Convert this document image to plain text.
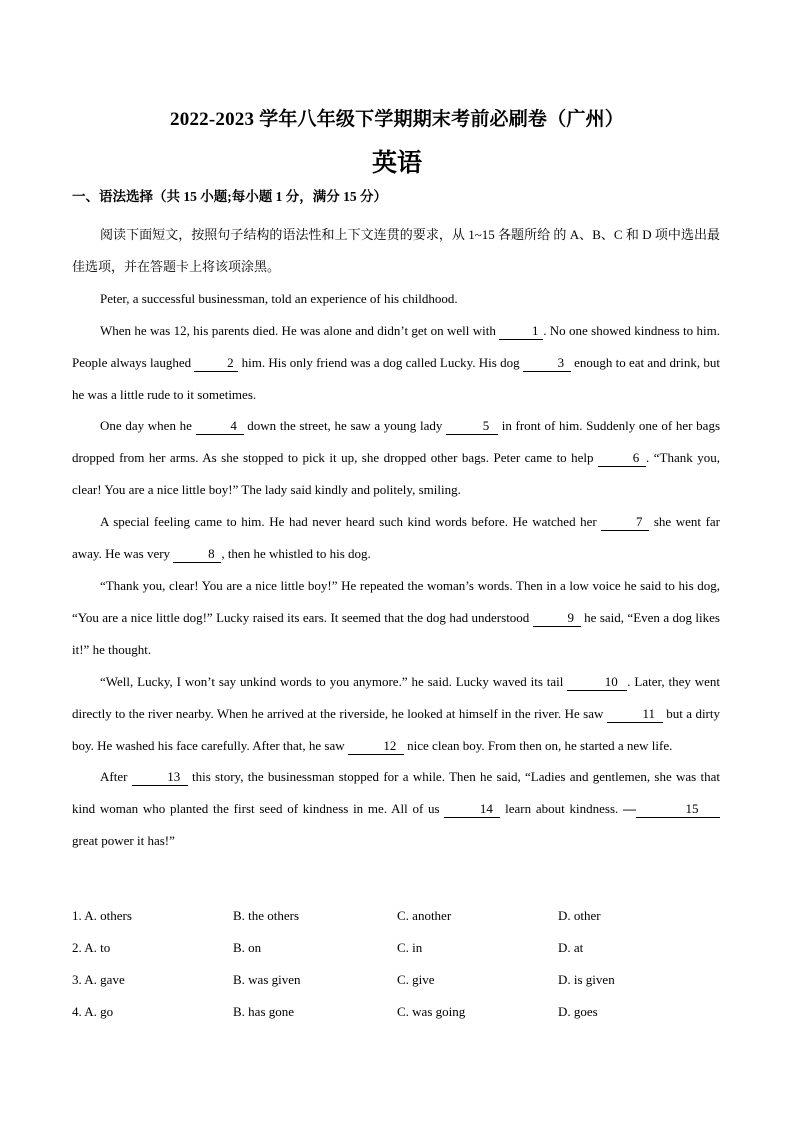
2022-2023 学年八年级下学期期末考前必刷卷（广州）
英语
一、语法选择（共 15 小题;每小题 1 分，满分 15 分）

阅读下面短文，按照句子结构的语法性和上下文连贯的要求，从 1~15 各题所给 的 A、B、C 和 D 项中选出最佳选项，并在答题卡上将该项涂黑。

Peter, a successful businessman, told an experience of his childhood.

When he was 12, his parents died. He was alone and didn’t get on well with	1 . No one showed kindness to him. People always laughed	2 him. His only friend was a dog called Lucky. His dog	3 enough to eat and drink, but he was a little rude to it sometimes.

One day when he	4 down the street, he saw a young lady	5 in front of him. Suddenly one of her bags dropped from her arms. As she stopped to pick it up, she dropped other bags. Peter came to help	6 . “Thank you, clear! You are a nice little boy!” The lady said kindly and politely, smiling.

A special feeling came to him. He had never heard such kind words before. He watched her	7 she went far away. He was very	8 , then he whistled to his dog.

“Thank you, clear! You are a nice little boy!” He repeated the woman’s words. Then in a low voice he said to his dog, “You are a nice little dog!” Lucky raised its ears. It seemed that the dog had understood	9 he said, “Even a dog likes it!” he thought.

“Well, Lucky, I won’t say unkind words to you anymore.” he said. Lucky waved its tail	10 . Later, they went directly to the river nearby. When he arrived at the riverside, he looked at himself in the river. He saw	11 but a dirty boy. He washed his face carefully. After that, he saw	12 nice clean boy. From then on, he started a new life.

After	13 this story, the businessman stopped for a while. Then he said, “Ladies and gentlemen, she was that kind woman who planted the first seed of kindness in me. All of us	14 learn about kindness. —	15 great power it has!”

1. A. others	B. the others	C. another	D. other
2. A. to	B. on	C. in	D. at
3. A. gave	B. was given	C. give	D. is given
4. A. go	B. has gone	C. was going	D. goes
